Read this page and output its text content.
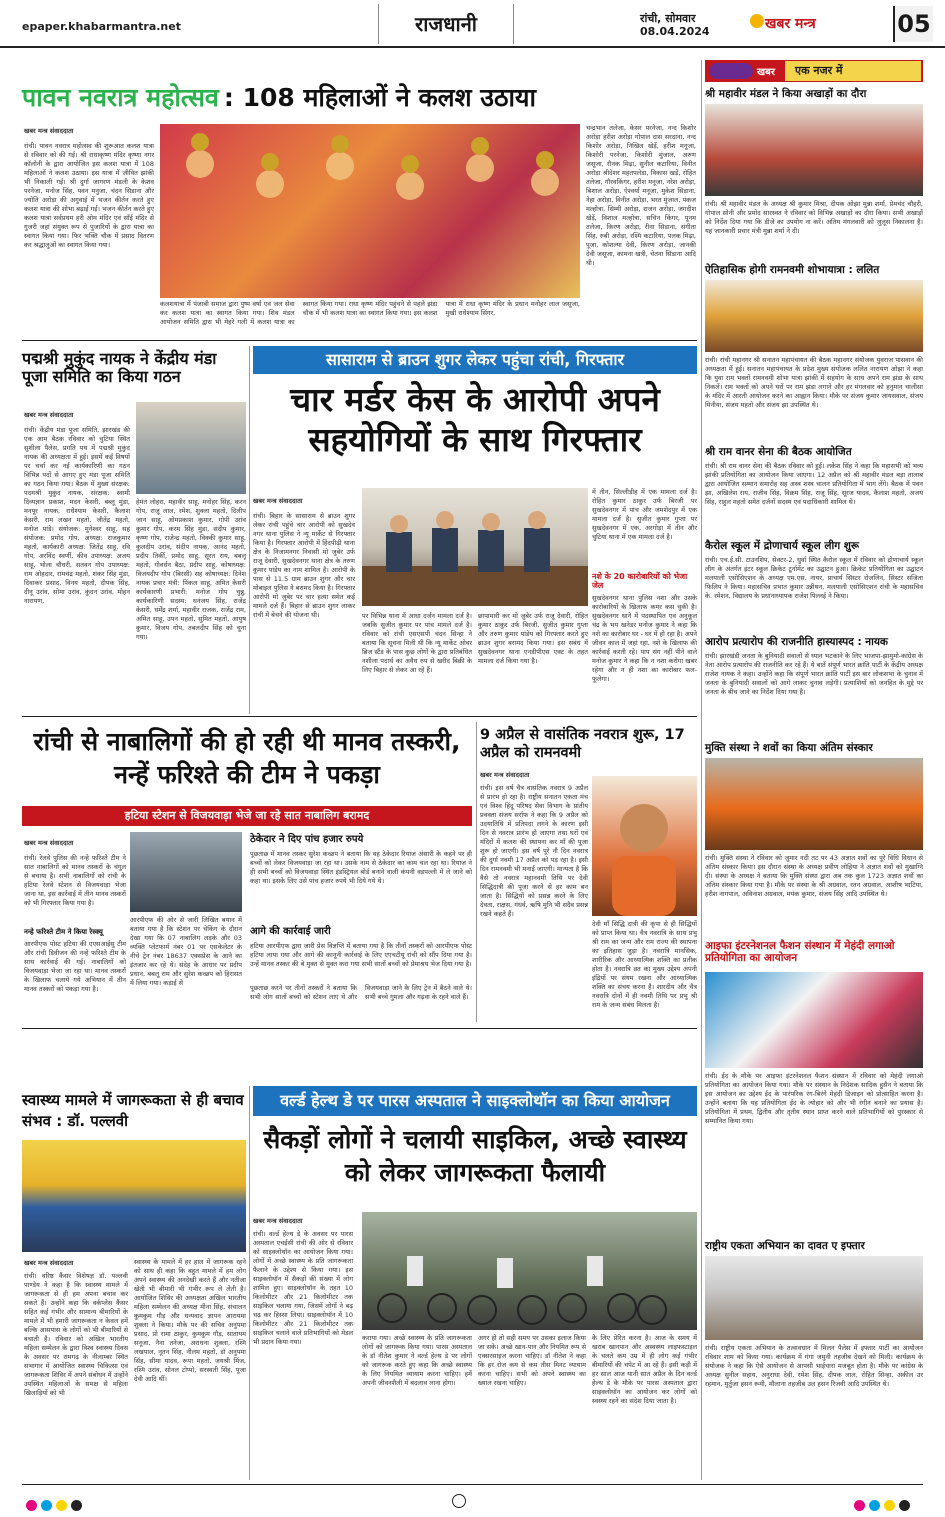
epaper.khabarmantra.net	राजधानी	रांची, सोमवार
08.04.2024	खबर मन्त्र	05
पावन नवरात्र महोत्सव : 108 महिलाओं ने कलश उठाया
खबर मन्त्र संवाददाता
रांची। पावन नवरात्र महोत्सव की शुरूआत कलश यात्रा से रविवार को की गई। श्री राधाकृष्ण मंदिर कृष्णा नगर कॉलोनी के द्वारा आयोजित इस कलश यात्रा में 108 महिलाओं ने कलश उठाया। इस यात्रा में जीवित झांकी भी निकाली गई। श्री दुर्गा जागरण मंडली के केशव परनेजा, मनोज सिंह, पवन मनुजा, चंदन सिडाना और ज्योति अरोड़ा की अगुवाई में भजन कीर्तन करते हुए कलश यात्रा की शोभा बढ़ाई गई। भजन कीर्तन करते हुए कलश यात्रा सर्वप्रथम हरी ओम मंदिर एवं साँई मंदिर से गुजरी जहां संयुक्त रूप से पुजारियों के द्वारा यात्रा का स्वागत किया गया। फिर भक्ति चौक में प्रसाद वितरण कर श्रद्धालुओं का स्वागत किया गया।
कलशयात्रा में पंजाबी समाज द्वारा पुष्प वर्षा एवं जल सेवा कर कलश यात्रा का स्वागत किया गया। शिव मंडल आयोजन समिति द्वारा भी मेहरे गली में कलश यात्रा का स्वागत किया गया। राधा कृष्ण मंदिर पहुंचने से पहले झंडा चौक में भी कलश यात्रा का स्वागत किया गया। इस कलश यात्रा में राधा कृष्ण मंदिर के प्रधान मनोहर लाल जसूजा, मुखी राधेश्याम सिंगर,
चन्द्रभान तलेजा, केसर परनेजा, नन्द किशोर अरोड़ा हरीश अरोड़ा गोपाल दास सरदाना, नन्द किशोर अरोड़ा, निखिल खेड़ें, हरीश मनूजा, किशोरी परनेजा, किशोरी मुंजाल, अरुण जसूजा, रौनक मिढ़ा, सुनील कटारिया, विनीत अरोड़ा श्रीदेशर महतपलेडा, विकास खड़ें, रोहित तलेजा, गौरवकिंगर, हरीश मनूजा, नरेश अरोड़ा, बिशाल अरोड़ा, ऐश्वर्या मनूजा, मुकेश सिडाना, नेहा अरोड़ा, विनीत अरोड़ा, भरत मुंजाल, पंकज मल्होत्रा, सिम्मी अरोड़ा, राजन अरोड़ा, जगदीश खेड़ें, विशाल मल्होत्रा, सचिन किंगर, पूनम तलेजा, किरण अरोड़ा, रीना सिडाना, संगीता सिंह, रुबी अरोड़ा, रश्मि कटारिया, पलक मिढ़ा, पूजा, कोशल्या देवी, किरण अरोड़ा, जानकी देवी जसूजा, कामना खत्री, चेतना सिडाना आदि थी।
पद्मश्री मुकुंद नायक ने केंद्रीय मंडा पूजा समिति का किया गठन
खबर मन्त्र संवाददाता
रांची। केंद्रीय मंडा पूजा समिति, झारखंड की एक आम बैठक रविवार को चुटिया स्थित सुशीला पैलेस, प्रगति पथ में पद्मश्री मुकुंद नायक की अध्यक्षता में हुई। इसमें कई विषयों पर चर्चा कर नई कार्यकारिणी का गठन विभिन्न पदों से आगए हुए मंडा पूजा समिति का गठन किया गया। बैठक में मुख्य संरक्षक: पदमश्री मुकुंद नायक, संरक्षक: स्वामी दिव्यज्ञान प्रकाश, मदन केसरी, बब्लू मुंडा, मनपूर नायक, राधेश्याम केसरी, कैलाश केसरी, राम लखन महतो, जीतेंद्र महतो, मनोज पांडे। संयोजक: मुनेश्वर साहू, सह संयोजक: प्रमोद गोप, अध्यक्ष: राजकुमार महतो, कार्यकारी अध्यक्ष: जितेंद्र साहू, रवि गोप, अरविंद स्वर्णी, कीव उपाध्यक्ष: अजय साहू, भोला चौधरी, सतवन गोप उपाध्यक्ष: राम ओहदार, रामचंद्र महतो, शंकर सिंह मुंडा, दिवाकर प्रसाद, विनय महतो, दीपक सिंह, दीनू उरांव, सोमा उरांव, कुंदन उरांव, मोहन नारायण,
हेमंत लोहरा, महावीर साहू, मनोहर सिंह, करन गोप, राजू लाल, रमेश, शुक्ला महतो, दिलीप जान साहू, ओमप्रकाश कुमार, गोपी उरांव कुमार गोप, करम सिंह मुंडा, संदीप कुमार, कृष्ण गोप, राजेन्द्र महतो, विक्की कुमार साहू, कुलदीप उरांव, संदीप नायक, आनंद महतो, प्रदीप तिर्की, प्रमोद साहू, सूरत राय, बबलू महतो, गोवर्धन बैठा, प्रदीप साहू, कोषाध्यक्ष: विजयदीप गोप (बिरसी) सह कोषाध्यक्ष: दिनेश नायक प्रचार मंत्री: पिंकल साहू, अमित केसरी कार्यकारणी प्रभारी: मनोज गोप चुन्नु, कार्यकारिणी सदस्य: धनंजय सिंह, राजेंद्र केसरी, धर्मेंद्र शर्मा, महावीर राजक, राजेंद्र राम, अमित साहू, उपन महतो, सुमित महतो, आयुष कुमार, विजय गोप, तबलदीप सिंह को चुना गया।
सासाराम से ब्राउन शुगर लेकर पहुंचा रांची, गिरफ्तार
चार मर्डर केस के आरोपी अपने सहयोगियों के साथ गिरफ्तार
खबर मन्त्र संवाददाता
रांची। बिहार के सासाराम से ब्राउन शुगर लेकर रांची पहुंचे चार आरोपी को सुखदेव नगर थाना पुलिस ने न्यू मार्केट से गिरफ्तार किया है। गिरफ्तार आरोपी में हिंदपीढ़ी थाना क्षेत्र के निजामनगर निवासी मो जुबेर उर्फ राजू देवारी, सुखदेवनगर थाना क्षेत्र के तरुण कुमार पांडेय का नाम शामिल है। आरोपी के पास से 11.5 ग्राम ब्राउन शुगर और चार मोबाइल पुलिस ने बरामद किया है। गिरफ्तार आरोपी मो जुबेर पर चार हत्या समेत कई मामले दर्ज हैं। बिहार से ब्राउन शुगर लाकर रांची में बेचने की योजना थी।	पर विभिन्न थाना में आधा दर्जन मामला दर्ज है। जबकि सुजीत कुमार पर पांच मामले दर्ज है। रविवार को रांची एसएसपी चंदन सिन्हा ने बताया कि सूचना मिली थी कि न्यू मार्केट ओवर ब्रिज स्टैंड के पास कुछ लोगों के द्वारा प्रतिबंधित नशीला पदार्थ का अवैध रुप से खरीद बिक्री के लिए बिहार से लेकर आ रहे हैं।
छापामारी कर मो जुबेर उर्फ राजू देवारी, रोहित कुमार ठाकुर उर्फ बिरजी, सुजीत कुमार गुप्ता और तरुण कुमार पांडेय को गिरफ्तार करते हुए ब्राउन शुगर बरामद किया गया। इस संबंध में सुखदेवनगर थाना एनडीपीएस एक्ट के तहत मामला दर्ज किया गया है।
में तीन, सिल्लीडीह में एक मामला दर्ज है। रोहित कुमार ठाकुर उर्फ बिरजी पर सुखदेवनगर में पांच और जमशेदपुर में एक मामला दर्ज है। सुजीत कुमार गुप्ता पर सुखदेवनगर में एक, अरगोड़ा में तीन और चुटिया थाना में एक मामला दर्ज है।
नशे के 20 कारोबारियों को भेजा जेल
सुखदेवनगर थाना पुलिस नशा और उसके कारोबारियों के खिलाफ कमर कस चुकी है। सुखदेवनगर थाने में पदस्थापित एवं अनुकूल चंद्र के भय खनेडर मनोज कुमार ने कहा कि नशे का कारोबार घर - घर में हो रहा है। अपने जीवन काल में जहां रहा, नशे के खिलाफ की कार्रवाई करती रहे। पाप संग नहीं पीने वाले मनोज कुमार ने कहा कि न नशा करोगा खबर रहेगा और न ही नशा का कारोबार फल-फूलेगा।
रांची से नाबालिगों की हो रही थी मानव तस्करी, नन्हें फरिश्ते की टीम ने पकड़ा
हटिया स्टेशन से विजयवाड़ा भेजे जा रहे सात नाबालिग बरामद
खबर मन्त्र संवाददाता
रांची। रेलवे पुलिस की नन्हे फरिश्ते टीम ने सात नाबालिगों को मानव तस्करों के चंगुल से बचाया है। सभी नाबालिगों को रांची के हटिया रेलवे स्टेशन से विजयवाड़ा भेजा जाना था, इस कार्रवाई में तीन मानव तस्करों को भी गिरफ्तार किया गया है।
नन्हे फरिश्ते टीम ने किया रेस्क्यू
आरपीएफ पोस्ट हटिया की एएसआईसु टीम और रांची डिवीजन की नन्हे फरिश्ते टीम के साथ कार्रवाई की गई। नाबालिगों को विजयवाड़ा भेजा जा रहा था। मानव तस्करों के खिलाफ चलाये गये अभियान में तीन मानव तस्करों को पकड़ा गया है।
आरपीएफ की ओर से जारी लिखित बयान में बताया गया है कि स्टेशन पर चेकिंग के दौरान देखा गया कि 07 नाबालिग लड़के और 03 व्यक्ति प्लेटफार्म नंबर 01 पर एसकेलेटर के नीचे ट्रेन नंबर 18637 एक्सप्रेस के आने का इंतजार कर रहे थे। संदेह के आधार पर प्रदीप प्रधान, बबलू राम और सुरेश कच्छप को हिरासत में लिया गया। कड़ाई से
ठेकेदार ने दिए पांच हजार रुपये
पूछताछ में मानव तस्कर सुरेश कच्छप ने बताया कि वह ठेकेदार रियाज अंसारी के कहने पर ही बच्चों को लेकर विजयवाड़ा जा रहा था। उसके नाम से ठेकेदार का काम चल रहा था। रियाज ने ही सभी बच्चों को विजयवाड़ा स्थित इंडस्ट्रियल बोर्ड बनाने वाली कंपनी वडपल्ली में ले जाने को कहा था। इसके लिए उसे पांच हजार रुपये भी दिये गये थे।
आगे की कार्रवाई जारी
हटिया आरपीएफ द्वारा जारी प्रेस विज्ञप्ति में बताया गया है कि तीनों तस्करों को आरपीएफ पोस्ट हटिया लाया गया और आगे की कानूनी कार्रवाई के लिए एएचटीयू रांची को सौंप दिया गया है। उन्हें मानव तस्कर की बे मुक्त से मुक्त करा गया सभी सातों बच्चों को प्रेमाश्रय भेज दिया गया है।
पूछताछ करने पर तीनों तस्करों ने बताया कि सभी लोग सातों बच्चों को स्टेशन लाए थे और विजयवाड़ा जाने के लिए ट्रेन में बैठने वाले थे। सभी बच्चे गुमला और गढ़वा के रहने वाले हैं।
9 अप्रैल से वासंतिक नवरात्र शुरू, 17 अप्रैल को रामनवमी
खबर मन्त्र संवाददाता
रांची। इस वर्ष चैत्र वासंतिक नवरात्र 9 अप्रैल से प्रारंभ हो रहा है। राष्ट्रीय सनातन एकता मंच एवं विश्व हिंदू परिषद सेवा विभाग के प्रांतीय प्रवक्ता संजय सर्राफ ने कहा कि 9 अप्रैल को उदयातिथि में प्रतिपदा लगने के कारण इसी दिन से नवरात्र प्रारंभ हो जाएगा तथा घरों एवं मंदिरों में कलश की स्थापना कर माँ की पूजा शुरू हो जाएगी। इस वर्ष पूरे नौ दिन नवरात्र की दुर्गा नवमी 17 अप्रैल को पड़ रहा है। इसी दिन रामनवमी भी मनाई जाएगी। मान्यता है कि वैसे तो नवरात्र महानवमी तिथि पर देवी सिद्धिदात्री की पूजा करने से हर काम बन जाता है। सिद्धियों को प्रसन्न करने के लिए देवता, राक्षस, गंधर्व, ऋषि मुनि भी सदैव प्रसन्न रखने कहते हैं।
देवी माँ सिद्धि दात्री की कृपा से ही सिद्धियों को प्राप्त किया था। चैत्र नवरात्रि के साथ प्रभु श्री राम का जन्म और राम राज्य की स्थापना का इतिहास जुड़ा है। नवरात्रि मानसिक, शारीरिक और आध्यात्मिक शक्ति का प्रतीक होता है। नवरात्रि व्रत का मुख्य उद्देश्य अपनी इंद्रियों पर संयम रखना और आध्यात्मिक शक्ति का संचय करना है। शारदीय और चैत्र नवरात्रि दोनों में ही नवमी तिथि पर प्रभु श्री राम के जन्म संबंध मिलता है।
स्वास्थ्य मामले में जागरूकता से ही बचाव संभव : डॉ. पल्लवी
खबर मन्त्र संवाददाता
रांची। वरिष्ठ कैंसर विशेषज्ञ डॉ. पल्लवी पाण्डेय ने कहा है कि स्वास्थ्य मामले में जागरूकता से ही हम अपना बचाव कर सकते हैं। उन्होंने कहा कि वर्कप्लेस कैंसर सहित कई गंभीर और सामान्य बीमारियों के मामले में भी हमारी जागरूकता न केवल हमें बल्कि आसपास के लोगों को भी बीमारियों से बचाती है। रविवार को अखिल भारतीय महिला सम्मेलन के द्वारा विश्व स्वास्थ्य दिवस के अवसर पर रामगढ़ के नीलाम्बर स्थित सभागार में आयोजित स्वास्थ्य चिकित्सा एवं जागरूकता शिविर में अपने संबोधन में उन्होंने उपस्थित महिलाओं के समक्ष से महिला खिलाड़ियों को भी
स्वास्थ्य के मामले में हर हाल में जागरूक रहने को साथ ही कहा कि बहुत मामले में हम लोग अपने स्वास्थ्य की अनदेखी करते हैं और नतीजा खेती भी बीमारी भी गंभीर रूप ले लेती है। आयोजित शिविर की अध्यक्षता अखिल भारतीय महिला सम्मेलन की अध्यक्ष मीना सिंह, संचालन कुमकुम गौड़ और धन्यवाद ज्ञापन आरायमा शुक्ला ने किया। मौके पर की सचिव अनुपमा प्रसाद, प्रो रामा ठाकुर, कुमकुम गौड़, सातायम सनूजा, नैना तनेजा, अराधना शुक्ला, रश्मि लखपाल, नूतन सिंह, नीलम महतो, डॉ अनुपमा सिंह, सीमा यादव, रूपा महतो, जयश्री मिंज, रश्मि उरांव, सोनल टोप्पो, सरस्वती सिंह, पूजा देवी आदि थीं।
वर्ल्ड हेल्थ डे पर पारस अस्पताल ने साइक्लोथॉन का किया आयोजन
सैकड़ों लोगों ने चलायी साइकिल, अच्छे स्वास्थ्य को लेकर जागरूकता फैलायी
खबर मन्त्र संवाददाता
रांची। वर्ल्ड हेल्थ डे के अवसर पर पारस अस्पताल एचईसी रांची की ओर से रविवार को साइक्लोथॉन का आयोजन किया गया। लोगों में अच्छे स्वास्थ्य के प्रति जागरूकता फैलाने के उद्देश्य से किया गया। इस साइक्लोथॉन में सैकड़ों की संख्या में लोग शामिल हुए। साइक्लोथॉन के तहत 10 किलोमीटर और 21 किलोमीटर तक साइकिल चलाया गया, जिसमें लोगों ने बढ़ चढ़ कर हिस्सा लिया। साइक्लोथॉन में 10 किलोमीटर और 21 किलोमीटर तक साइकिल चलाने वाले प्रतिभागियों को मेडल भी प्रदान किया गया।	कराया गया। अच्छे स्वास्थ्य के प्रति जागरूकता लोगों को जागरूक किया गया। पारस अस्पताल के डॉ नीतेश कुमार ने वर्ल्ड हेल्थ डे पर लोगों को जागरूक करते हुए कहा कि अच्छे स्वास्थ्य के लिए नियमित व्यायाम करना चाहिए। हमें अपनी जीवनशैली में बदलाव लाना होगा।
अगर हो तो सही समय पर उसका इलाज किया जा सके। अच्छे खान-पान और नियमित रूप से एक्सरसाइज करना चाहिए। डॉ नीतेश ने कहा कि हर रोज कम से कम तीस मिनट व्यायाम करना चाहिए। सभी को अपने स्वास्थ्य का ख्याल रखना चाहिए।
के लिए प्रेरित करना है। आज के समय में खराब खानपान और अस्वस्थ्य लाइफस्टाइल के चलते कम उम्र में ही लोग कई गंभीर बीमारियों की चपेट में आ रहे हैं। इसी कड़ी में हर साल आज यानी सात अप्रैल के दिन वर्ल्ड हेल्थ डे के मौके पर पारस अस्पताल द्वारा साइक्लोथॉन का आयोजन कर लोगों को स्वस्थ्य रहने का संदेश दिया जाता है।
खबर	एक नजर में
श्री महावीर मंडल ने किया अखाड़ों का दौरा
रांची। श्री महावीर मंडल के अध्यक्ष श्री कुमार मिश्रा, दीपक ओझा मुन्ना शर्मा, प्रेमचंद चौहरी, गोपाल सोनी और प्रमोद सारस्वत ने रविवार को विभिन्न अखाड़ों का दौरा किया। सभी अखाड़ों को निर्देश दिया गया कि डीजे का उपयोग ना करें। अंतिम मंगलवारी को जुलूस निकालना है। यह जानकारी प्रचार मंत्री मुन्ना शर्मा ने दी।
ऐतिहासिक होगी रामनवमी शोभायात्रा : ललित
रांची। रांची महानगर श्री सनातन महापंचायत की बैठक महानगर संयोजक युवराज पासवान की अध्यक्षता में हुई। सनातन महापंचायत के प्रदेश मुख्य संयोजक ललित नारायण ओझा ने कहा कि युवा राम भक्तों रामनवमी शोभा यात्रा झांकी में सहयोग के साथ अपने राम झंडा के साथ निकलें। राम भक्तों को अपने घरों पर राम झंडा लगाने और हर मंगलवार को हनुमान चालीसा के मंदिर में आरती आयोजन करने का आह्वान किया। मौके पर संजय कुमार जायसवाल, संजय मिनीया, संजय महतो और संजय झा उपस्थित थे।
श्री राम वानर सेना की बैठक आयोजित
रांची। श्री राम वानर सेना की बैठक रविवार को हुई। लकेश सिंह ने कहा कि महासभी को भव्य झांकी प्रतियोगिता का आयोजन किया जाएगा। 12 अप्रैल को श्री महावीर मंडल बड़ा तालाब द्वारा आयोजित सम्मान समारोह सह अस्त्र शस्त्र चालन प्रतियोगिता में भाग लेंगे। बैठक में पवन झा, अखिलेश राय, राजीव सिंह, विक्रम सिंह, राजू सिंह, सूरज यादव, कैलाश महतो, अजय सिंह, राहुल महतो समेत दर्जनों सदस्य एवं पदाधिकारी शामिल थे।
कैरोल स्कूल में द्रोणाचार्य स्कूल लीग शुरू
रांची। एच.ई.सी. टाउनशिप, सेक्टर-2, धुर्वा स्थित कैरोल स्कूल में रविवार को द्रोणाचार्य स्कूल लीग के अंतर्गत इंटर स्कूल क्रिकेट टूर्नामेंट का उद्घाटन हुआ। क्रिकेट प्रतियोगिता का उद्घाटन मलयाली एसोसिएशन के अध्यक्ष एम.एस. नायर, प्राचार्य सिस्टर रोजलिन, सिस्टर सजिता फिलिप ने किया। महासचिव प्रभात कुमार उन्नीथन, मलयाली एसोसिएशन रांची के महासचिव के. रमेशन, विद्यालय के प्रधानाध्यापक राजेश पिल्लई ने किया।
आरोप प्रत्यारोप की राजनीति हास्यास्पद : नायक
रांची। झारखंडी जनता के बुनियादी सवालों से ध्यान भटकाने के लिए भाजपा-झामुमो-कांग्रेस के नेता आरोप प्रत्यारोप की राजनीति कर रहे हैं। ये बातें संपूर्ण भारत क्रांति पार्टी के केंद्रीय अध्यक्ष राजेश नायक ने कहा। उन्होंने कहा कि संपूर्ण भारत क्रांति पार्टी इस बार लोकसभा के चुनाव में जनता के बुनियादी सवालों को आगे लाकर चुनाव लड़ेगी। प्रत्याशियों को जनहित के मुद्दे पर जनता के बीच जाने का निर्देश दिया गया है।
मुक्ति संस्था ने शवों का किया अंतिम संस्कार
रांची। मुक्ति संस्था ने रविवार को जुमार नदी तट पर 43 अज्ञात शवों का पूरे विधि विधान से अंतिम संस्कार किया। इस दौरान संस्था के अध्यक्ष प्रवीण लोहिया ने अज्ञात शवों को मुखाग्नि दी। संस्था के अध्यक्ष ने बताया कि मुक्ति संस्था द्वारा अब तक कुल 1723 अज्ञात शवों का अंतिम संस्कार किया गया है। मौके पर संस्था के श्री अग्रवाल, रतन अग्रवाल, आशीष भाटिया, हरीश नागपाल, अविनाश अग्रवाल, मयंक कुमार, संजय सिंह आदि उपस्थित थे।
आइफा इंटरनेशनल फैशन संस्थान में मेहंदी लगाओ प्रतियोगिता का आयोजन
रांची। ईद के मौके पर आइफा इंटरनेशनल फैशन संस्थान में रविवार को मेहंदी लगाओ प्रतियोगिता का आयोजन किया गया। मौके पर संस्थान के निदेशक सादिक हुसैन ने बताया कि इस आयोजन का उद्देश्य ईद के पारंपरिक रंग-बिरंगे मेहंदी डिजाइन को प्रोत्साहित करना है। उन्होंने बताया कि यह प्रतियोगिता ईद के त्योहार को और भी रंगीन बनाने का प्रयास है। प्रतियोगिता में प्रथम, द्वितीय और तृतीय स्थान प्राप्त करने वाले प्रतिभागियों को पुरस्कार से सम्मानित किया गया।
राष्ट्रीय एकता अभियान का दावत ए इफ्तार
रांची। राष्ट्रीय एकता अभियान के तत्वावधान में मिलन पैलेस में इफ्तार पार्टी का आयोजन रविवार शाम को किया गया। कार्यक्रम में गंगा जमुनी तहजीब देखने को मिली। कार्यक्रम के संयोजक ने कहा कि ऐसे आयोजन से आपसी भाईचारा मजबूत होता है। मौके पर कांग्रेस के अध्यक्ष सुनील सहाय, अनुराधा देवी, रमेश सिंह, दीपक लाल, रोहित सिन्हा, अकील उर रहमान, मुर्तुजा हसन रूमी, मौलाना तहजीब उल हसन रिजवी आदि उपस्थित थे।
